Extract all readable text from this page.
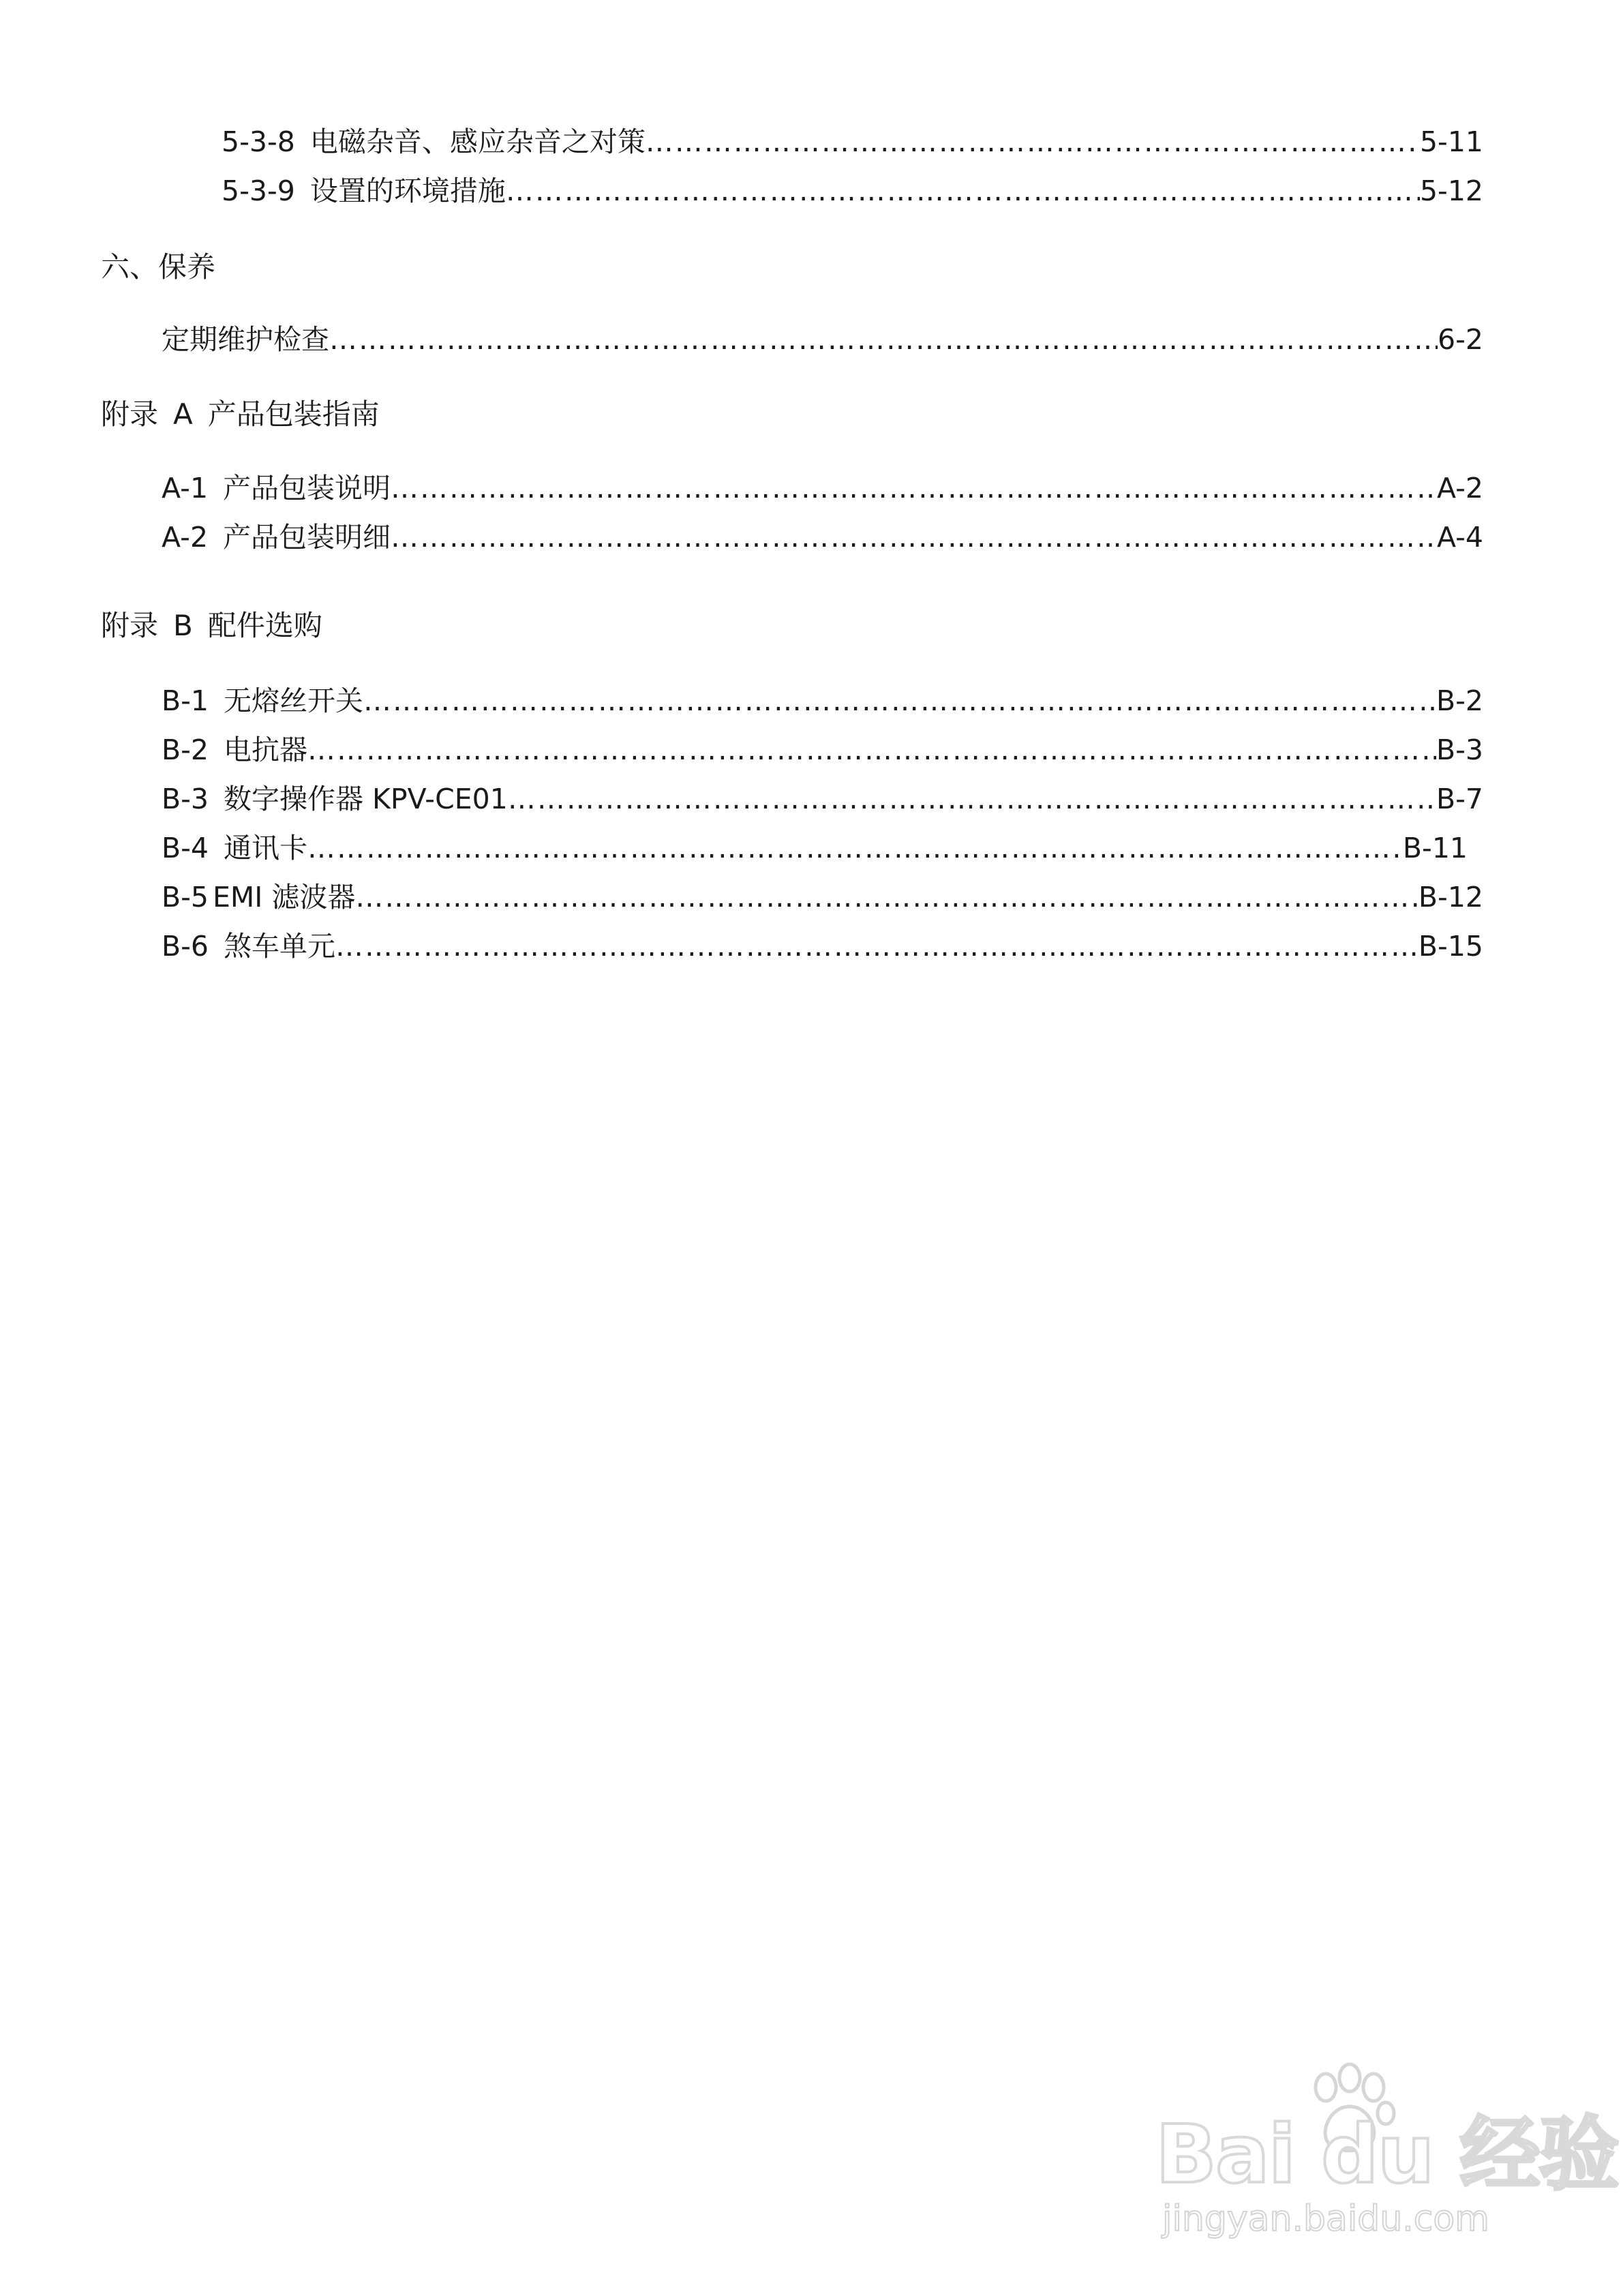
5-3-8 电磁杂音、感应杂音之对策 ……………………………………………………………………………………………………………………………………………………………………………………………………………………………………………………	5-11
5-3-9 设置的环境措施 ……………………………………………………………………………………………………………………………………………………………………………………………………………………………………………………	5-12
六、保养
定期维护检查 ……………………………………………………………………………………………………………………………………………………………………………………………………………………………………………………	6-2
附录 A 产品包装指南
A-1 产品包装说明 ……………………………………………………………………………………………………………………………………………………………………………………………………………………………………………………	A-2
A-2 产品包装明细 ……………………………………………………………………………………………………………………………………………………………………………………………………………………………………………………	A-4
附录 B 配件选购
B-1 无熔丝开关 ……………………………………………………………………………………………………………………………………………………………………………………………………………………………………………………	B-2
B-2 电抗器 ……………………………………………………………………………………………………………………………………………………………………………………………………………………………………………………	B-3
B-3 数字操作器 KPV-CE01 ……………………………………………………………………………………………………………………………………………………………………………………………………………………………………………………	B-7
B-4 通讯卡 ……………………………………………………………………………………………………………………………………………………………………………………………………………………………………………………	B-11
B-5 EMI 滤波器 ……………………………………………………………………………………………………………………………………………………………………………………………………………………………………………………	B-12
B-6 煞车单元 ……………………………………………………………………………………………………………………………………………………………………………………………………………………………………………………	B-15
Bai du 经验
jingyan.baidu.com
